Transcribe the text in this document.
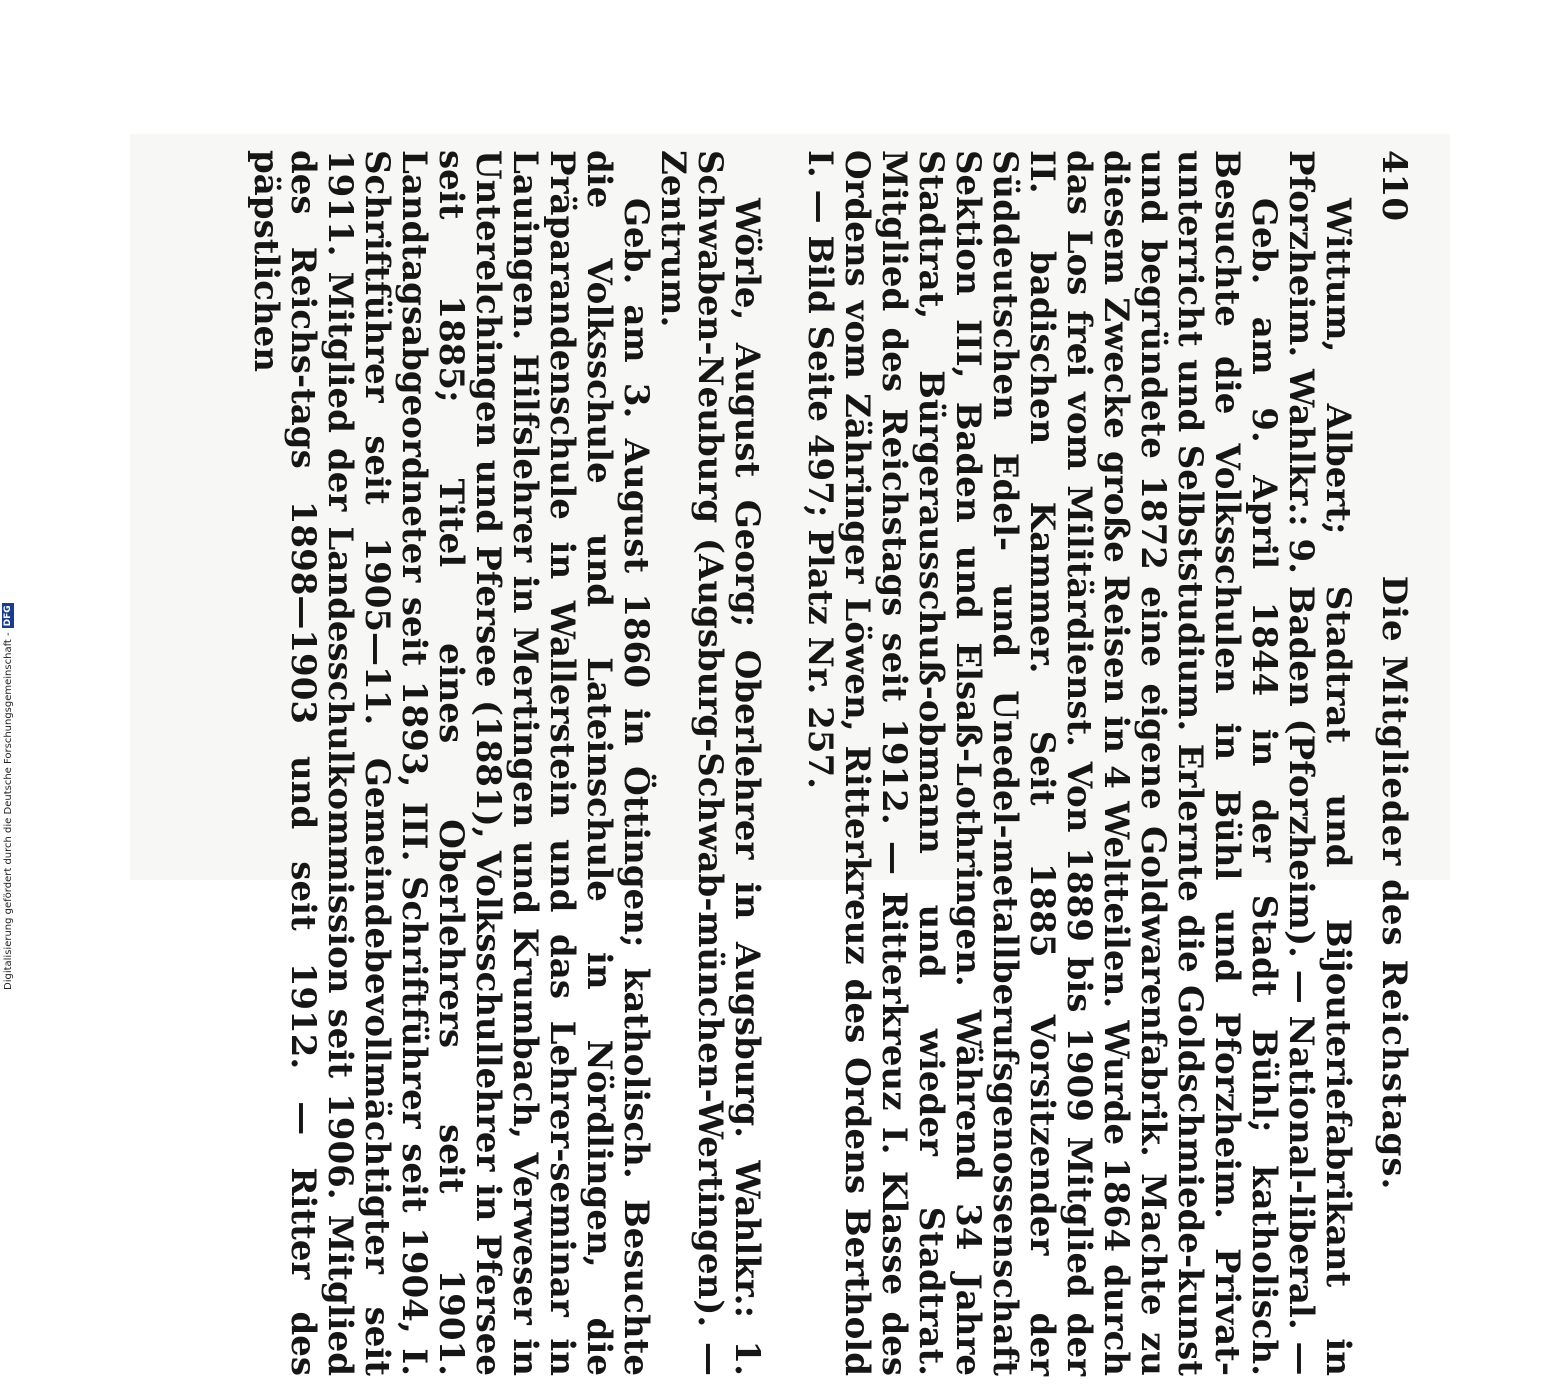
410
Die Mitglieder des Reichstags.

Wittum, Albert; Stadtrat und Bijouteriefabrikant in Pforzheim. Wahlkr.: 9. Baden (Pforzheim). — National-liberal. —

Geb. am 9. April 1844 in der Stadt Bühl; katholisch. Besuchte die Volksschulen in Bühl und Pforzheim. Privat-unterricht und Selbststudium. Erlernte die Goldschmiede-kunst und begründete 1872 eine eigene Goldwarenfabrik. Machte zu diesem Zwecke große Reisen in 4 Weltteilen. Wurde 1864 durch das Los frei vom Militärdienst. Von 1889 bis 1909 Mitglied der II. badischen Kammer. Seit 1885 Vorsitzender der Süddeutschen Edel- und Unedel-metallberufsgenossenschaft Sektion III, Baden und Elsaß-Lothringen. Während 34 Jahre Stadtrat, Bürgerausschuß-obmann und wieder Stadtrat. Mitglied des Reichstags seit 1912. — Ritterkreuz I. Klasse des Ordens vom Zähringer Löwen, Ritterkreuz des Ordens Berthold I. — Bild Seite 497; Platz Nr. 257.

Wörle, August Georg; Oberlehrer in Augsburg. Wahlkr.: 1. Schwaben-Neuburg (Augsburg-Schwab-münchen-Wertingen). — Zentrum.

Geb. am 3. August 1860 in Öttingen; katholisch. Besuchte die Volksschule und Lateinschule in Nördlingen, die Präparandenschule in Wallerstein und das Lehrer-seminar in Lauingen. Hilfslehrer in Mertingen und Krumbach, Verweser in Unterelchingen und Pfersee (1881), Volksschullehrer in Pfersee seit 1885; Titel eines Oberlehrers seit 1901. Landtagsabgeordneter seit 1893, III. Schriftführer seit 1904, I. Schriftführer seit 1905—11. Gemeindebevollmächtigter seit 1911. Mitglied der Landesschulkommission seit 1906. Mitglied des Reichs-tags 1898—1903 und seit 1912. — Ritter des päpstlichen

Digitalisierung gefördert durch die Deutsche Forschungsgemeinschaft -
DFG
